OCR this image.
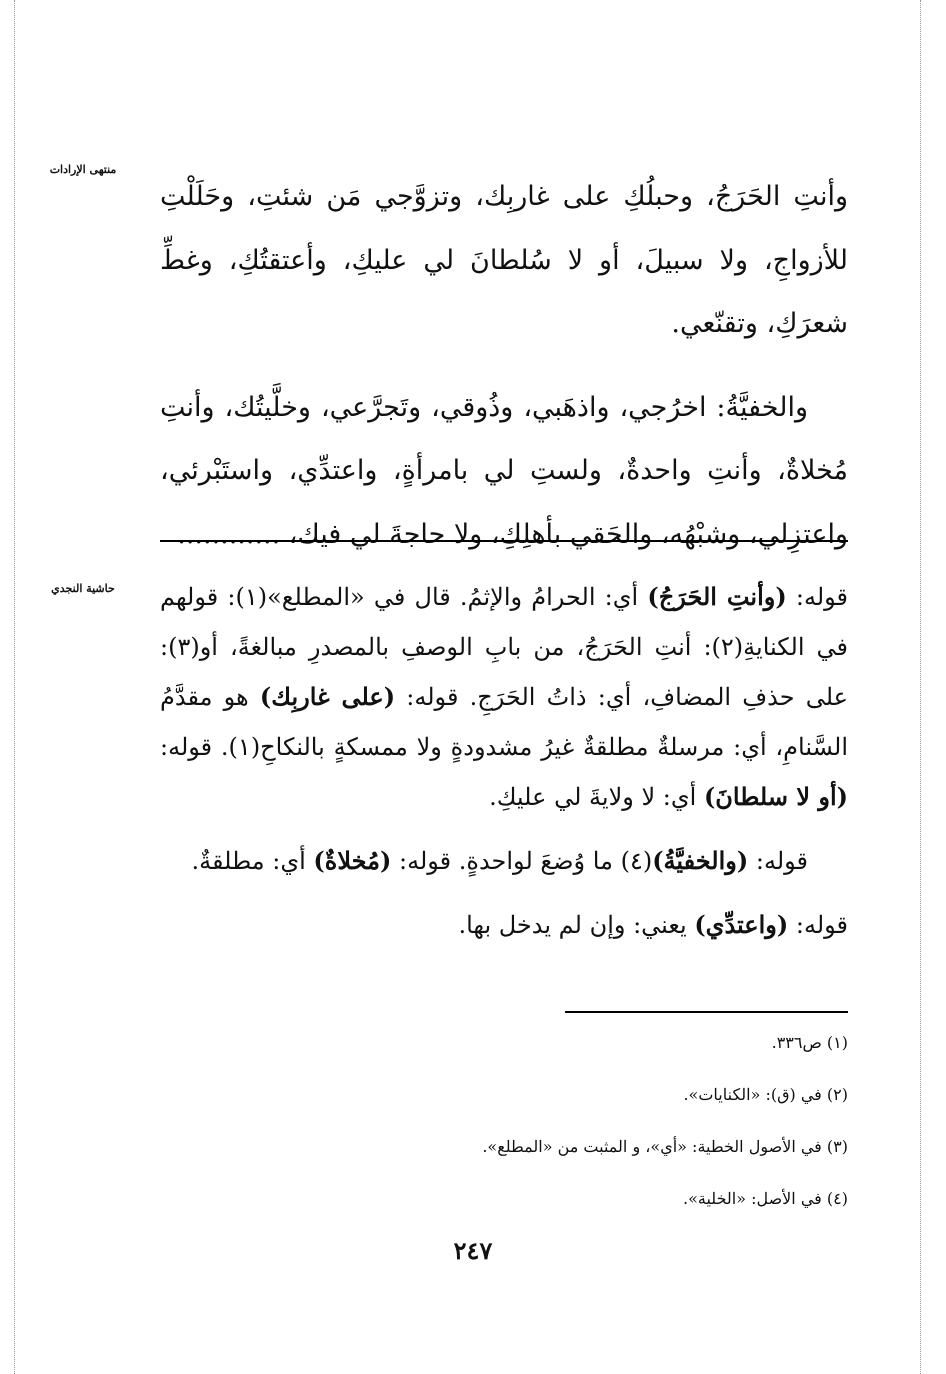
منتهى الإرادات
حاشية النجدي

وأنتِ الحَرَجُ، وحبلُكِ على غاربِك، وتزوَّجي مَن شئتِ، وحَلَلْتِ للأزواجِ، ولا سبيلَ، أو لا سُلطانَ لي عليكِ، وأعتقتُكِ، وغطِّ شعرَكِ، وتقنّعي.

والخفيَّةُ: اخرُجي، واذهَبي، وذُوقي، وتَجرَّعي، وخلَّيتُك، وأنتِ مُخلاةٌ، وأنتِ واحدةٌ، ولستِ لي بامرأةٍ، واعتدِّي، واستَبْرئي، واعتزِلي، وشبْهُه، والحَقي بأهلِكِ، ولا حاجةَ لي فيك، ............

قوله: (وأنتِ الحَرَجُ) أي: الحرامُ والإثمُ. قال في «المطلع»(١): قولهم في الكنايةِ(٢): أنتِ الحَرَجُ، من بابِ الوصفِ بالمصدرِ مبالغةً، أو(٣): على حذفِ المضافِ، أي: ذاتُ الحَرَجِ. قوله: (على غاربِك) هو مقدَّمُ السَّنامِ، أي: مرسلةٌ مطلقةٌ غيرُ مشدودةٍ ولا ممسكةٍ بالنكاحِ(١). قوله: (أو لا سلطانَ) أي: لا ولايةَ لي عليكِ.

قوله: (والخفيَّةُ)(٤) ما وُضعَ لواحدةٍ. قوله: (مُخلاةٌ) أي: مطلقةٌ.

قوله: (واعتدِّي) يعني: وإن لم يدخل بها.

(١) ص٣٣٦.
(٢) في (ق): «الكنايات».
(٣) في الأصول الخطية: «أي»، و المثبت من «المطلع».
(٤) في الأصل: «الخلية».
٢٤٧
